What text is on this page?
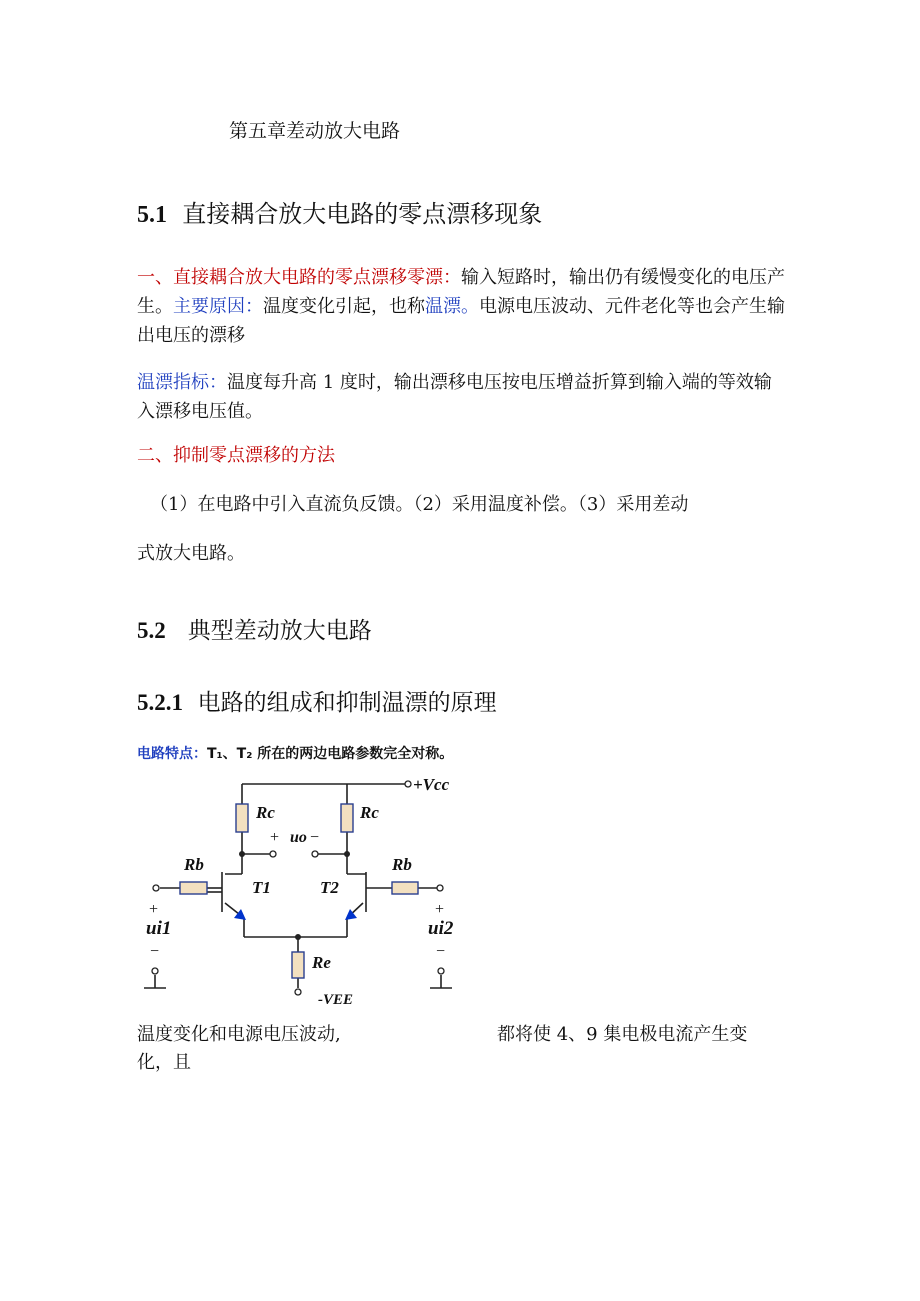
第五章差动放大电路
5.1 直接耦合放大电路的零点漂移现象
一、直接耦合放大电路的零点漂移零漂：输入短路时，输出仍有缓慢变化的电压产生。主要原因：温度变化引起，也称温漂。电源电压波动、元件老化等也会产生输出电压的漂移
温漂指标：温度每升高 1 度时，输出漂移电压按电压增益折算到输入端的等效输入漂移电压值。
二、抑制零点漂移的方法
（1）在电路中引入直流负反馈。（2）采用温度补偿。（3）采用差动
式放大电路。
5.2 典型差动放大电路
5.2.1 电路的组成和抑制温漂的原理
电路特点：T₁、T₂ 所在的两边电路参数完全对称。
+Vcc
Rc	Rc
Rb	Rb
T1	T2
Re
ui1	ui2
-VEE
+ uo −
+
−
+
−
温度变化和电源电压波动,	都将使 4、9 集电极电流产生变
化，且
